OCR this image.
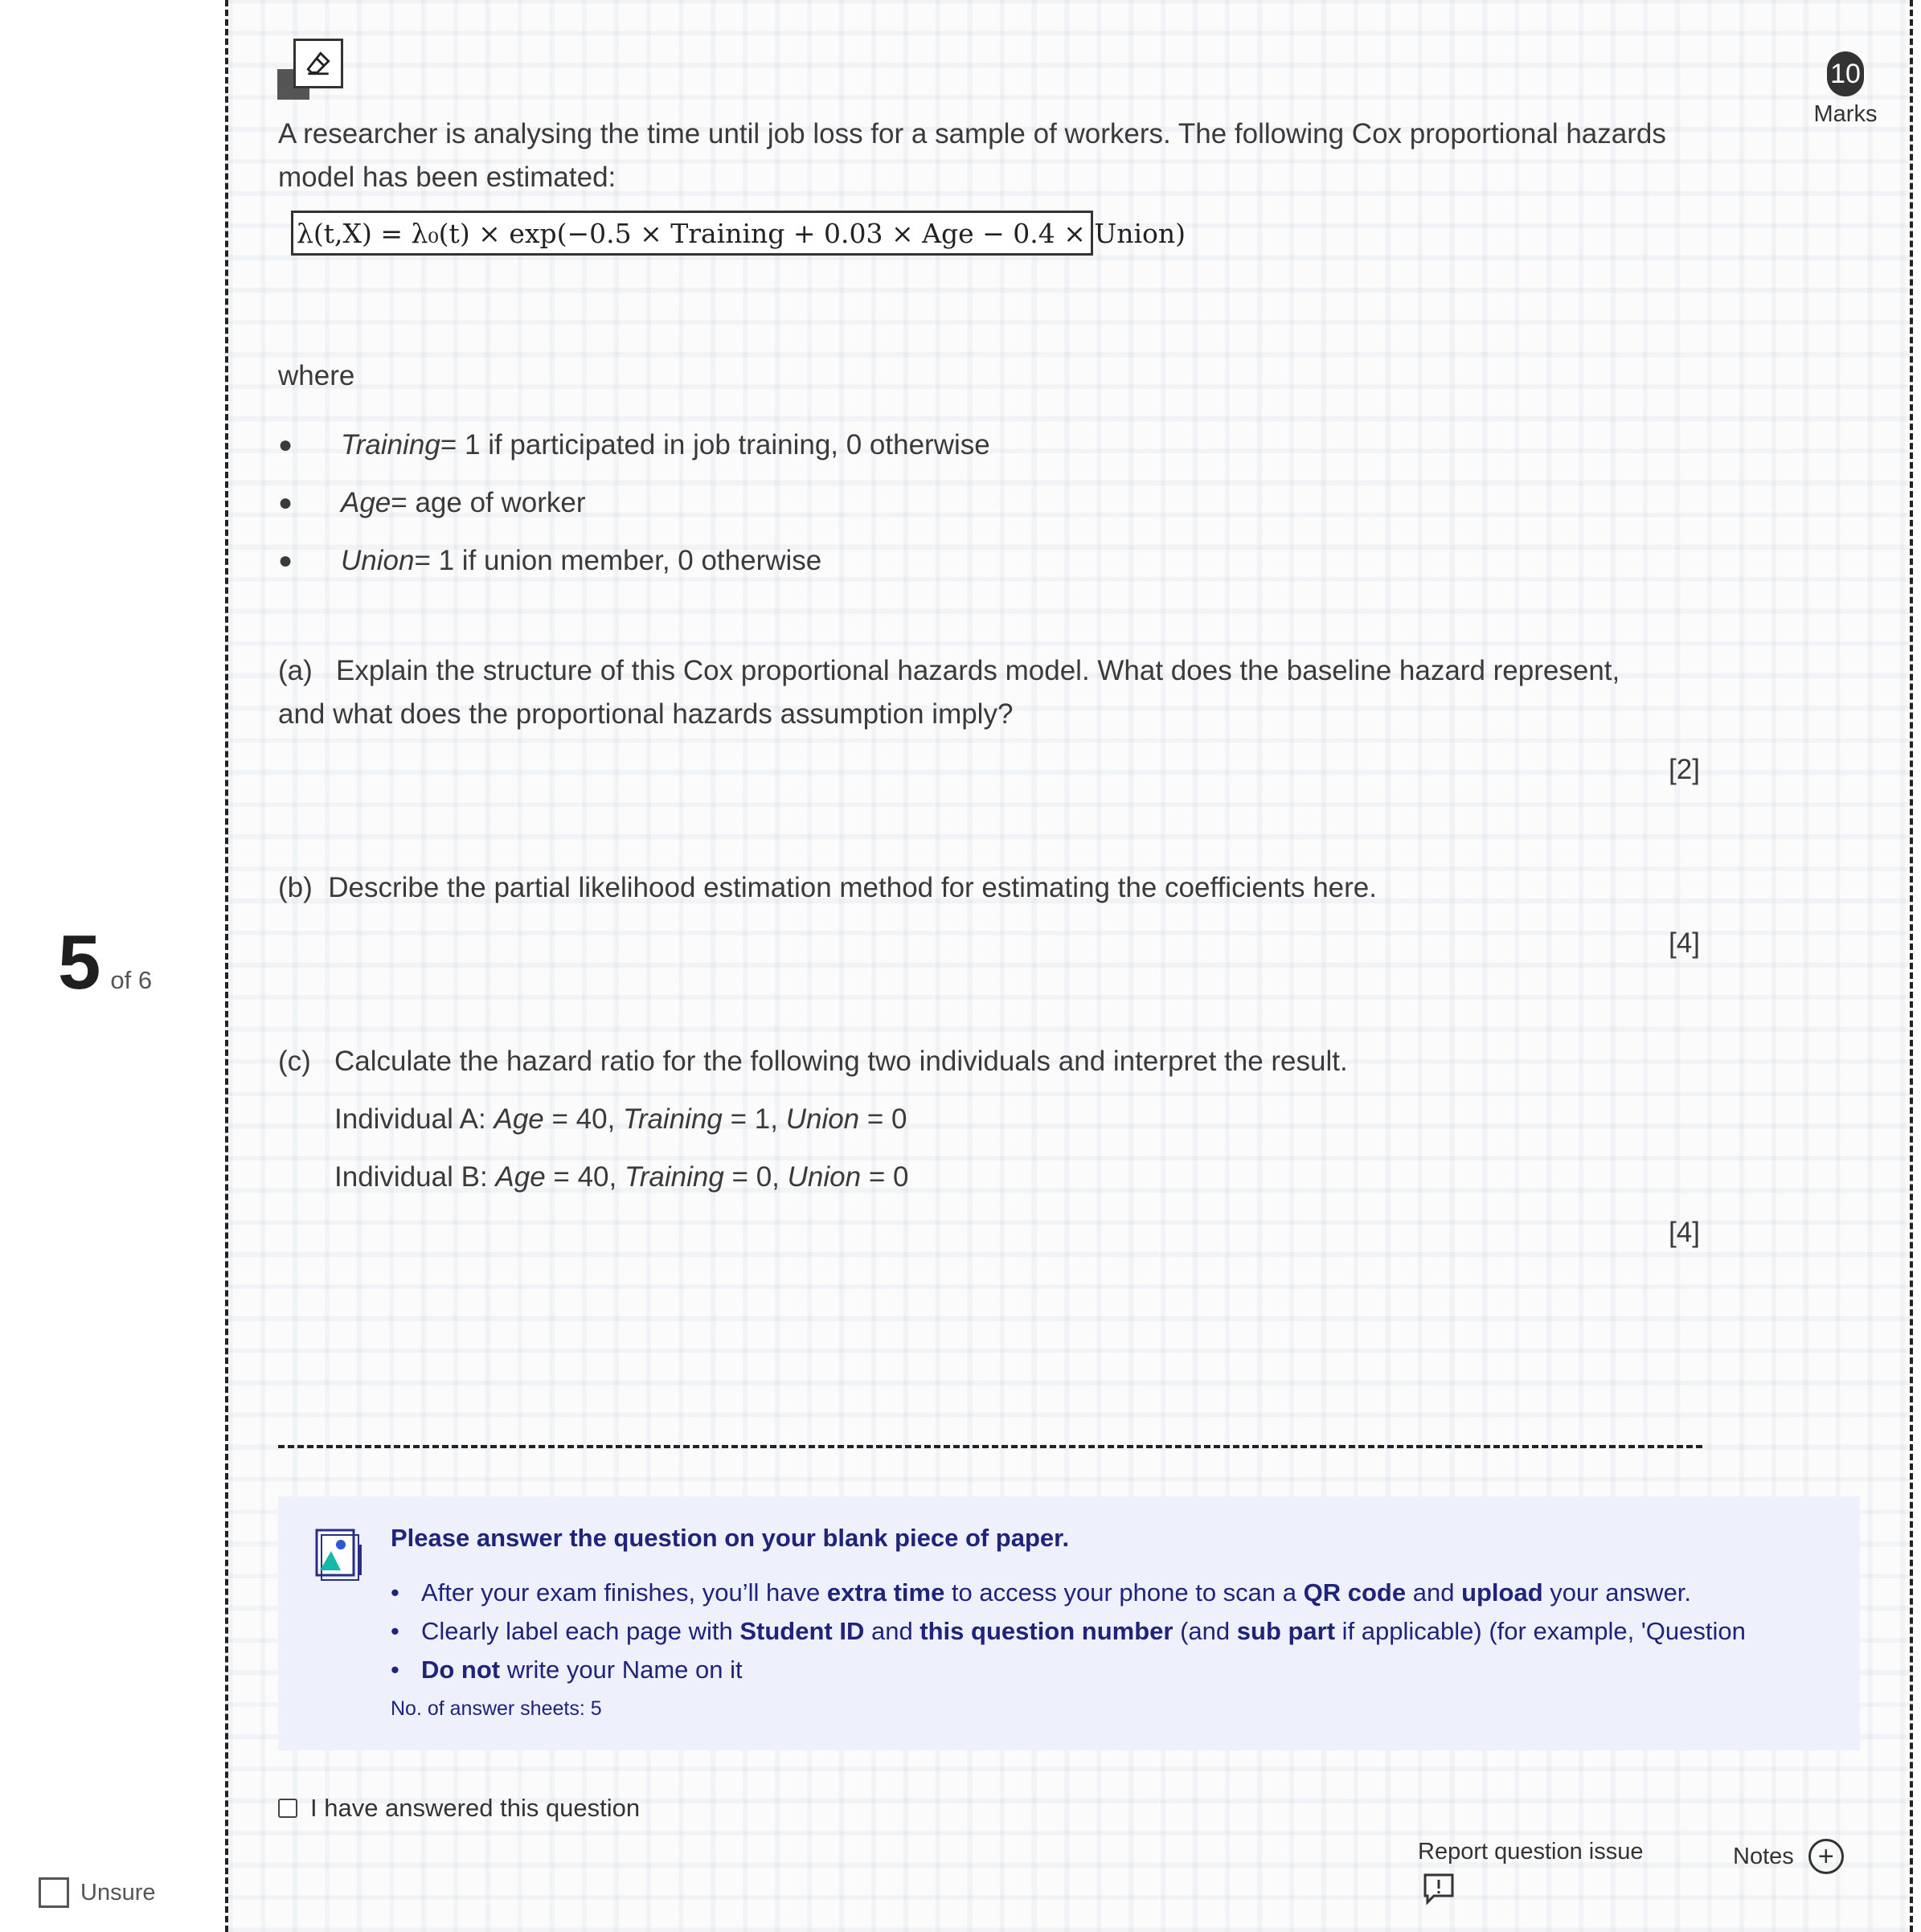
5 of 6
Unsure
10
Marks
A researcher is analysing the time until job loss for a sample of workers. The following Cox proportional hazards model has been estimated:
λ(t,X) = λ₀(t) × exp(−0.5 × Training + 0.03 × Age − 0.4 × Union)
where
●	Training = 1 if participated in job training, 0 otherwise
●	Age = age of worker
●	Union = 1 if union member, 0 otherwise
(a) Explain the structure of this Cox proportional hazards model. What does the baseline hazard represent, and what does the proportional hazards assumption imply?
[2]
(b) Describe the partial likelihood estimation method for estimating the coefficients here.
[4]
(c) Calculate the hazard ratio for the following two individuals and interpret the result.
Individual A: Age = 40, Training = 1, Union = 0
Individual B: Age = 40, Training = 0, Union = 0
[4]
Please answer the question on your blank piece of paper.
• After your exam finishes, you’ll have extra time to access your phone to scan a QR code and upload your answer.
• Clearly label each page with Student ID and this question number (and sub part if applicable) (for example, 'Question
• Do not write your Name on it
No. of answer sheets: 5
I have answered this question
Report question issue	Notes +
